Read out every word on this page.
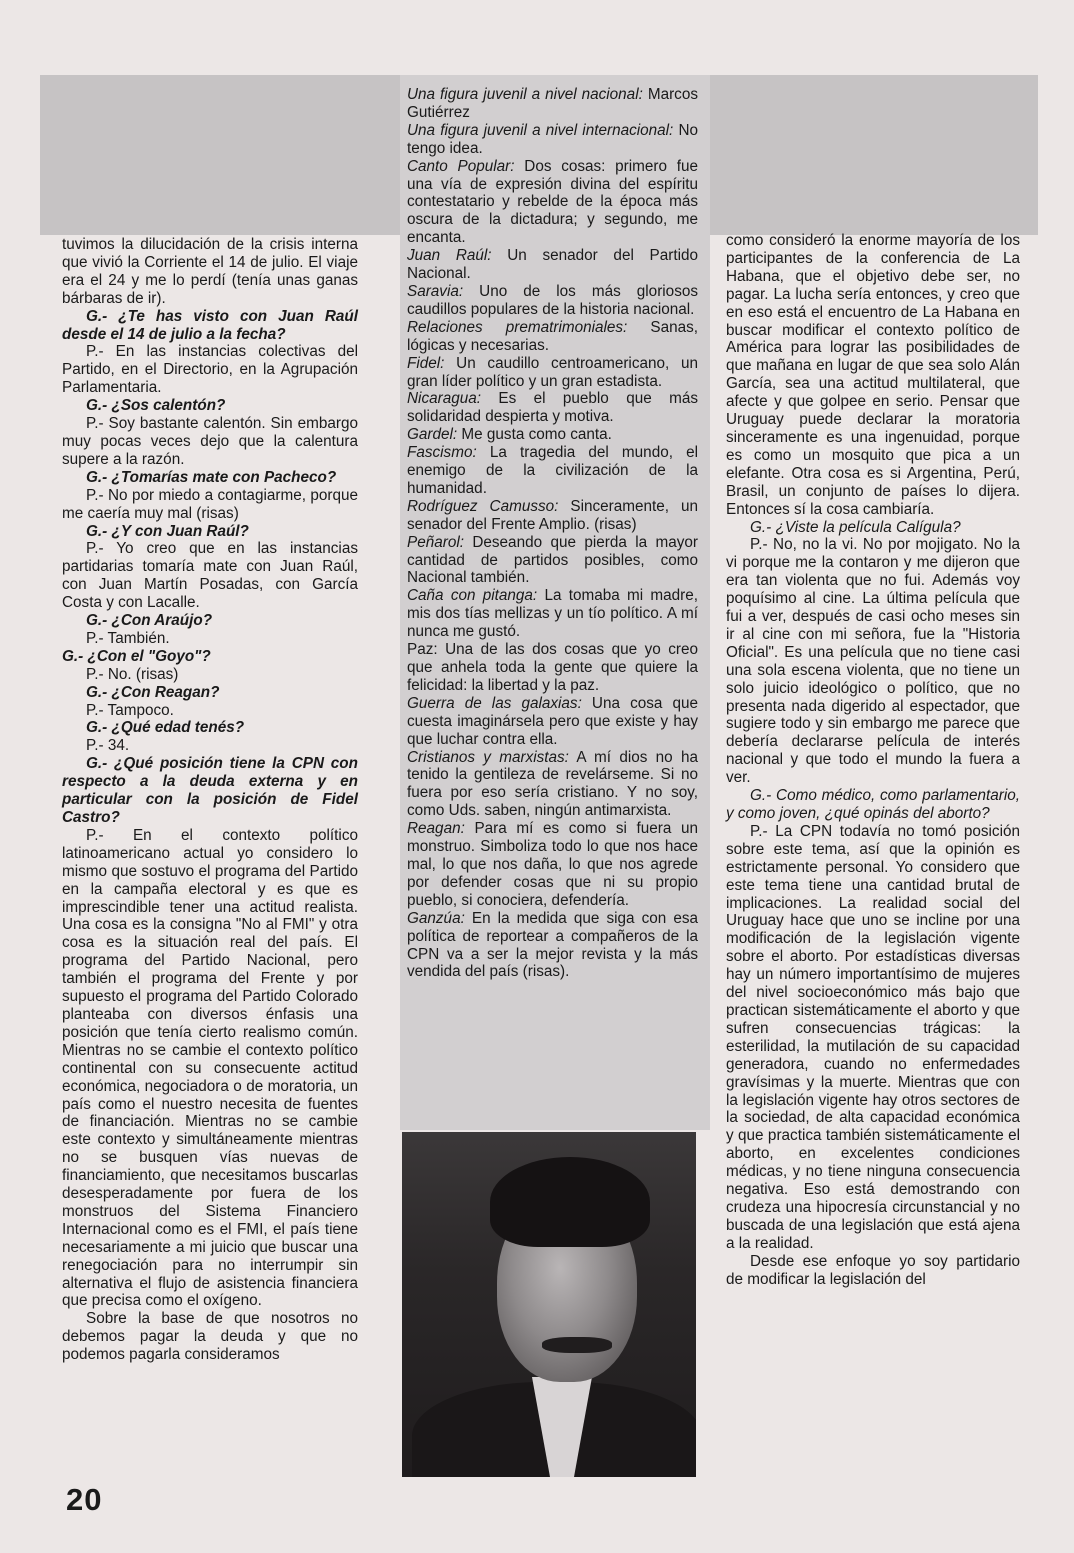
tuvimos la dilucidación de la crisis interna que vivió la Corriente el 14 de julio. El viaje era el 24 y me lo perdí (tenía unas ganas bárbaras de ir).

G.- ¿Te has visto con Juan Raúl desde el 14 de julio a la fecha?

P.- En las instancias colectivas del Partido, en el Directorio, en la Agrupación Parlamentaria.

G.- ¿Sos calentón?

P.- Soy bastante calentón. Sin embargo muy pocas veces dejo que la calentura supere a la razón.

G.- ¿Tomarías mate con Pacheco?

P.- No por miedo a contagiarme, porque me caería muy mal (risas)

G.- ¿Y con Juan Raúl?

P.- Yo creo que en las instancias partidarias tomaría mate con Juan Raúl, con Juan Martín Posadas, con García Costa y con Lacalle.

G.- ¿Con Araújo?

P.- También.

G.- ¿Con el "Goyo"?

P.- No. (risas)

G.- ¿Con Reagan?

P.- Tampoco.

G.- ¿Qué edad tenés?

P.- 34.

G.- ¿Qué posición tiene la CPN con respecto a la deuda externa y en particular con la posición de Fidel Castro?

P.- En el contexto político latinoamericano actual yo considero lo mismo que sostuvo el programa del Partido en la campaña electoral y es que es imprescindible tener una actitud realista. Una cosa es la consigna "No al FMI" y otra cosa es la situación real del país. El programa del Partido Nacional, pero también el programa del Frente y por supuesto el programa del Partido Colorado planteaba con diversos énfasis una posición que tenía cierto realismo común. Mientras no se cambie el contexto político continental con su consecuente actitud económica, negociadora o de moratoria, un país como el nuestro necesita de fuentes de financiación. Mientras no se cambie este contexto y simultáneamente mientras no se busquen vías nuevas de financiamiento, que necesitamos buscarlas desesperadamente por fuera de los monstruos del Sistema Financiero Internacional como es el FMI, el país tiene necesariamente a mi juicio que buscar una renegociación para no interrumpir sin alternativa el flujo de asistencia financiera que precisa como el oxígeno.

Sobre la base de que nosotros no debemos pagar la deuda y que no podemos pagarla consideramos

Una figura juvenil a nivel nacional: Marcos Gutiérrez

Una figura juvenil a nivel internacional: No tengo idea.

Canto Popular: Dos cosas: primero fue una vía de expresión divina del espíritu contestatario y rebelde de la época más oscura de la dictadura; y segundo, me encanta.

Juan Raúl: Un senador del Partido Nacional.

Saravia: Uno de los más gloriosos caudillos populares de la historia nacional.

Relaciones prematrimoniales: Sanas, lógicas y necesarias.

Fidel: Un caudillo centroamericano, un gran líder político y un gran estadista.

Nicaragua: Es el pueblo que más solidaridad despierta y motiva.

Gardel: Me gusta como canta.

Fascismo: La tragedia del mundo, el enemigo de la civilización de la humanidad.

Rodríguez Camusso: Sinceramente, un senador del Frente Amplio. (risas)

Peñarol: Deseando que pierda la mayor cantidad de partidos posibles, como Nacional también.

Caña con pitanga: La tomaba mi madre, mis dos tías mellizas y un tío político. A mí nunca me gustó.

Paz: Una de las dos cosas que yo creo que anhela toda la gente que quiere la felicidad: la libertad y la paz.

Guerra de las galaxias: Una cosa que cuesta imaginársela pero que existe y hay que luchar contra ella.

Cristianos y marxistas: A mí dios no ha tenido la gentileza de revelárseme. Si no fuera por eso sería cristiano. Y no soy, como Uds. saben, ningún antimarxista.

Reagan: Para mí es como si fuera un monstruo. Simboliza todo lo que nos hace mal, lo que nos daña, lo que nos agrede por defender cosas que ni su propio pueblo, si conociera, defendería.

Ganzúa: En la medida que siga con esa política de reportear a compañeros de la CPN va a ser la mejor revista y la más vendida del país (risas).

como consideró la enorme mayoría de los participantes de la conferencia de La Habana, que el objetivo debe ser, no pagar. La lucha sería entonces, y creo que en eso está el encuentro de La Habana en buscar modificar el contexto político de América para lograr las posibilidades de que mañana en lugar de que sea solo Alán García, sea una actitud multilateral, que afecte y que golpee en serio. Pensar que Uruguay puede declarar la moratoria sinceramente es una ingenuidad, porque es como un mosquito que pica a un elefante. Otra cosa es si Argentina, Perú, Brasil, un conjunto de países lo dijera. Entonces sí la cosa cambiaría.

G.- ¿Viste la película Calígula?

P.- No, no la vi. No por mojigato. No la vi porque me la contaron y me dijeron que era tan violenta que no fui. Además voy poquísimo al cine. La última película que fui a ver, después de casi ocho meses sin ir al cine con mi señora, fue la "Historia Oficial". Es una película que no tiene casi una sola escena violenta, que no tiene un solo juicio ideológico o político, que no presenta nada digerido al espectador, que sugiere todo y sin embargo me parece que debería declararse película de interés nacional y que todo el mundo la fuera a ver.

G.- Como médico, como parlamentario, y como joven, ¿qué opinás del aborto?

P.- La CPN todavía no tomó posición sobre este tema, así que la opinión es estrictamente personal. Yo considero que este tema tiene una cantidad brutal de implicaciones. La realidad social del Uruguay hace que uno se incline por una modificación de la legislación vigente sobre el aborto. Por estadísticas diversas hay un número importantísimo de mujeres del nivel socioeconómico más bajo que practican sistemáticamente el aborto y que sufren consecuencias trágicas: la esterilidad, la mutilación de su capacidad generadora, cuando no enfermedades gravísimas y la muerte. Mientras que con la legislación vigente hay otros sectores de la sociedad, de alta capacidad económica y que practica también sistemáticamente el aborto, en excelentes condiciones médicas, y no tiene ninguna consecuencia negativa. Eso está demostrando con crudeza una hipocresía circunstancial y no buscada de una legislación que está ajena a la realidad.

Desde ese enfoque yo soy partidario de modificar la legislación del

20
